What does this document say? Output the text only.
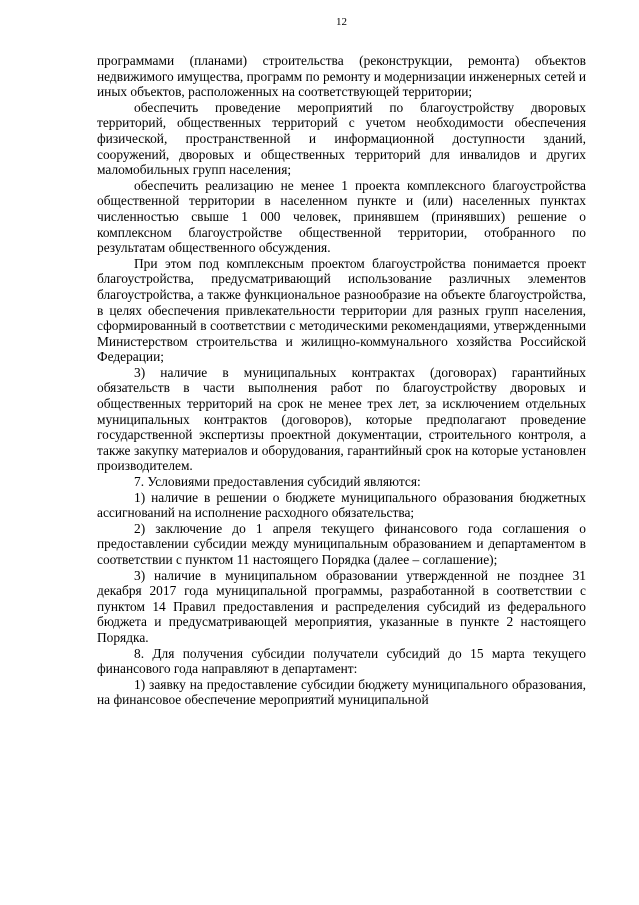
12

программами (планами) строительства (реконструкции, ремонта) объектов недвижимого имущества, программ по ремонту и модернизации инженерных сетей и иных объектов, расположенных на соответствующей территории;

обеспечить проведение мероприятий по благоустройству дворовых территорий, общественных территорий с учетом необходимости обеспечения физической, пространственной и информационной доступности зданий, сооружений, дворовых и общественных территорий для инвалидов и других маломобильных групп населения;

обеспечить реализацию не менее 1 проекта комплексного благоустройства общественной территории в населенном пункте и (или) населенных пунктах численностью свыше 1 000 человек, принявшем (принявших) решение о комплексном благоустройстве общественной территории, отобранного по результатам общественного обсуждения.

При этом под комплексным проектом благоустройства понимается проект благоустройства, предусматривающий использование различных элементов благоустройства, а также функциональное разнообразие на объекте благоустройства, в целях обеспечения привлекательности территории для разных групп населения, сформированный в соответствии с методическими рекомендациями, утвержденными Министерством строительства и жилищно-коммунального хозяйства Российской Федерации;

3) наличие в муниципальных контрактах (договорах) гарантийных обязательств в части выполнения работ по благоустройству дворовых и общественных территорий на срок не менее трех лет, за исключением отдельных муниципальных контрактов (договоров), которые предполагают проведение государственной экспертизы проектной документации, строительного контроля, а также закупку материалов и оборудования, гарантийный срок на которые установлен производителем.

7. Условиями предоставления субсидий являются:

1) наличие в решении о бюджете муниципального образования бюджетных ассигнований на исполнение расходного обязательства;

2) заключение до 1 апреля текущего финансового года соглашения о предоставлении субсидии между муниципальным образованием и департаментом в соответствии с пунктом 11 настоящего Порядка (далее – соглашение);

3) наличие в муниципальном образовании утвержденной не позднее 31 декабря 2017 года муниципальной программы, разработанной в соответствии с пунктом 14 Правил предоставления и распределения субсидий из федерального бюджета и предусматривающей мероприятия, указанные в пункте 2 настоящего Порядка.

8. Для получения субсидии получатели субсидий до 15 марта текущего финансового года направляют в департамент:

1) заявку на предоставление субсидии бюджету муниципального образования, на финансовое обеспечение мероприятий муниципальной
